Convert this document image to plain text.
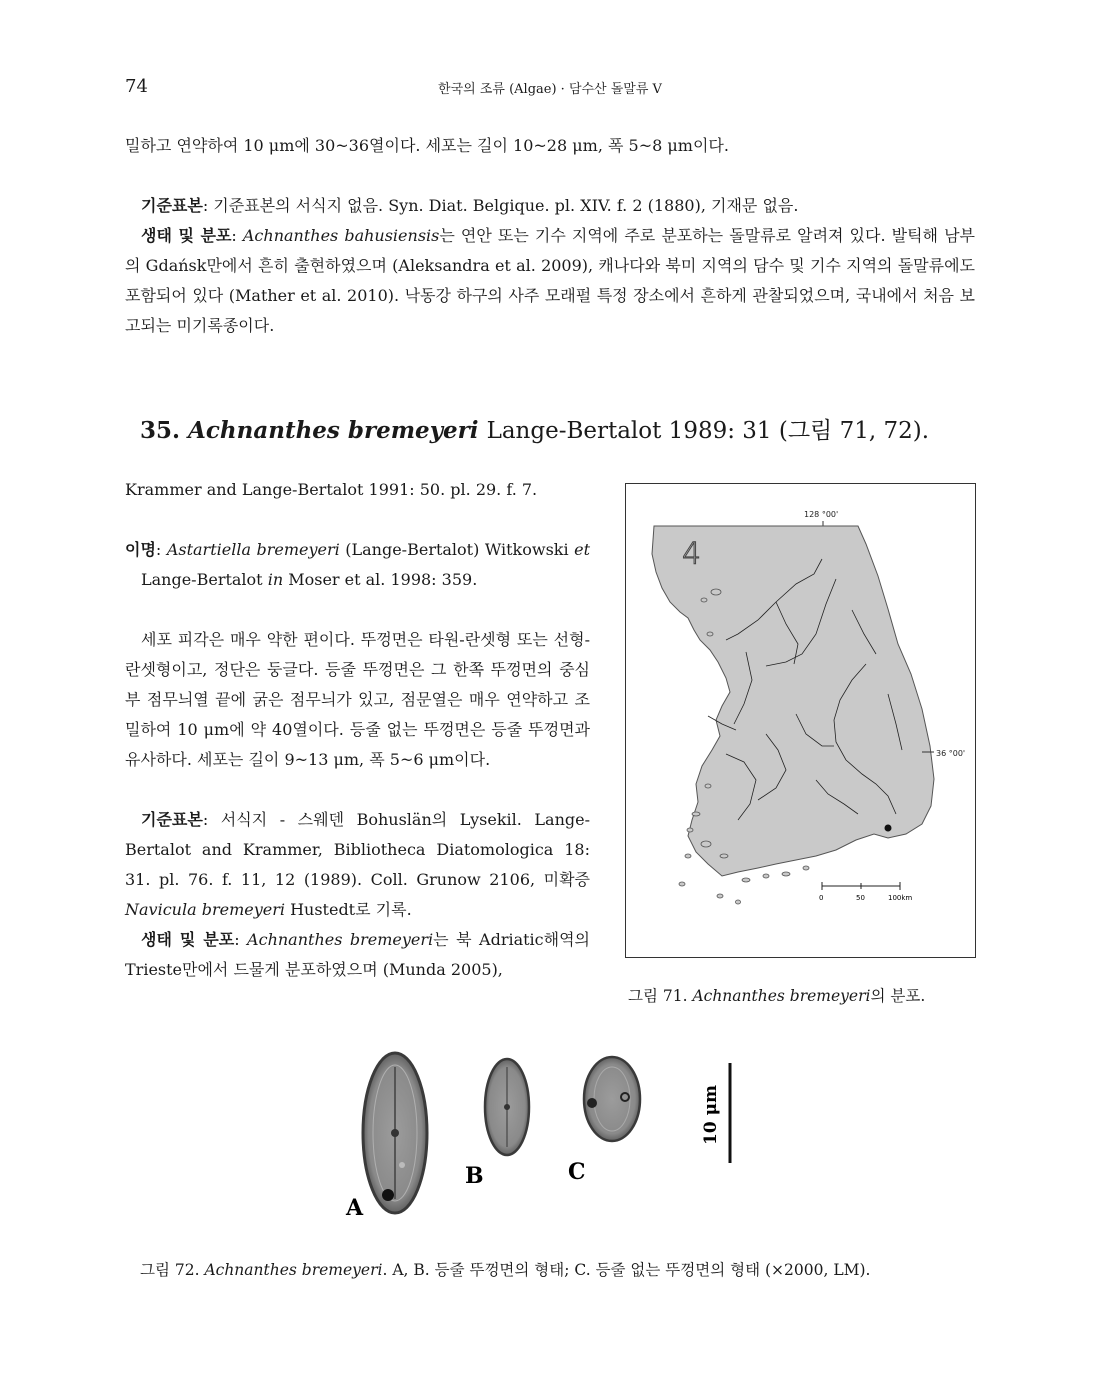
74	한국의 조류 (Algae) · 담수산 돌말류 V

밀하고 연약하여 10 μm에 30~36열이다. 세포는 길이 10~28 μm, 폭 5~8 μm이다.

기준표본: 기준표본의 서식지 없음. Syn. Diat. Belgique. pl. XIV. f. 2 (1880), 기재문 없음.

생태 및 분포: Achnanthes bahusiensis는 연안 또는 기수 지역에 주로 분포하는 돌말류로 알려져 있다. 발틱해 남부의 Gdańsk만에서 흔히 출현하였으며 (Aleksandra et al. 2009), 캐나다와 북미 지역의 담수 및 기수 지역의 돌말류에도 포함되어 있다 (Mather et al. 2010). 낙동강 하구의 사주 모래펄 특정 장소에서 흔하게 관찰되었으며, 국내에서 처음 보고되는 미기록종이다.

35. Achnanthes bremeyeri Lange-Bertalot 1989: 31 (그림 71, 72).

Krammer and Lange-Bertalot 1991: 50. pl. 29. f. 7.

이명: Astartiella bremeyeri (Lange-Bertalot) Witkowski et Lange-Bertalot in Moser et al. 1998: 359.

세포 피각은 매우 약한 편이다. 뚜껑면은 타원-란셋형 또는 선형-란셋형이고, 정단은 둥글다. 등줄 뚜껑면은 그 한쪽 뚜껑면의 중심부 점무늬열 끝에 굵은 점무늬가 있고, 점문열은 매우 연약하고 조밀하여 10 μm에 약 40열이다. 등줄 없는 뚜껑면은 등줄 뚜껑면과 유사하다. 세포는 길이 9~13 μm, 폭 5~6 μm이다.

기준표본: 서식지 - 스웨덴 Bohuslän의 Lysekil. Lange-Bertalot and Krammer, Bibliotheca Diatomologica 18: 31. pl. 76. f. 11, 12 (1989). Coll. Grunow 2106, 미확증 Navicula bremeyeri Hustedt로 기록.

생태 및 분포: Achnanthes bremeyeri는 북 Adriatic해역의 Trieste만에서 드물게 분포하였으며 (Munda 2005),

128 °00'
4
36 °00'
0	50	100km
그림 71. Achnanthes bremeyeri의 분포.
A
B	C
10 μm
그림 72. Achnanthes bremeyeri. A, B. 등줄 뚜껑면의 형태; C. 등줄 없는 뚜껑면의 형태 (×2000, LM).
